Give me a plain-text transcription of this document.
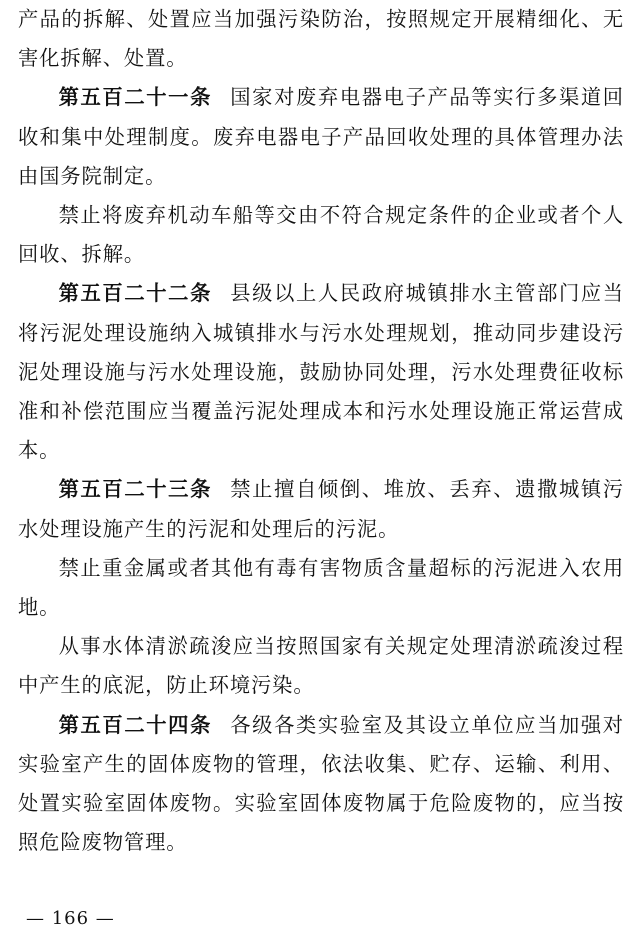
产品的拆解、处置应当加强污染防治，按照规定开展精细化、无害化拆解、处置。

第五百二十一条 国家对废弃电器电子产品等实行多渠道回收和集中处理制度。废弃电器电子产品回收处理的具体管理办法由国务院制定。

禁止将废弃机动车船等交由不符合规定条件的企业或者个人回收、拆解。

第五百二十二条 县级以上人民政府城镇排水主管部门应当将污泥处理设施纳入城镇排水与污水处理规划，推动同步建设污泥处理设施与污水处理设施，鼓励协同处理，污水处理费征收标准和补偿范围应当覆盖污泥处理成本和污水处理设施正常运营成本。

第五百二十三条 禁止擅自倾倒、堆放、丢弃、遗撒城镇污水处理设施产生的污泥和处理后的污泥。

禁止重金属或者其他有毒有害物质含量超标的污泥进入农用地。

从事水体清淤疏浚应当按照国家有关规定处理清淤疏浚过程中产生的底泥，防止环境污染。

第五百二十四条 各级各类实验室及其设立单位应当加强对实验室产生的固体废物的管理，依法收集、贮存、运输、利用、处置实验室固体废物。实验室固体废物属于危险废物的，应当按照危险废物管理。

— 166 —
